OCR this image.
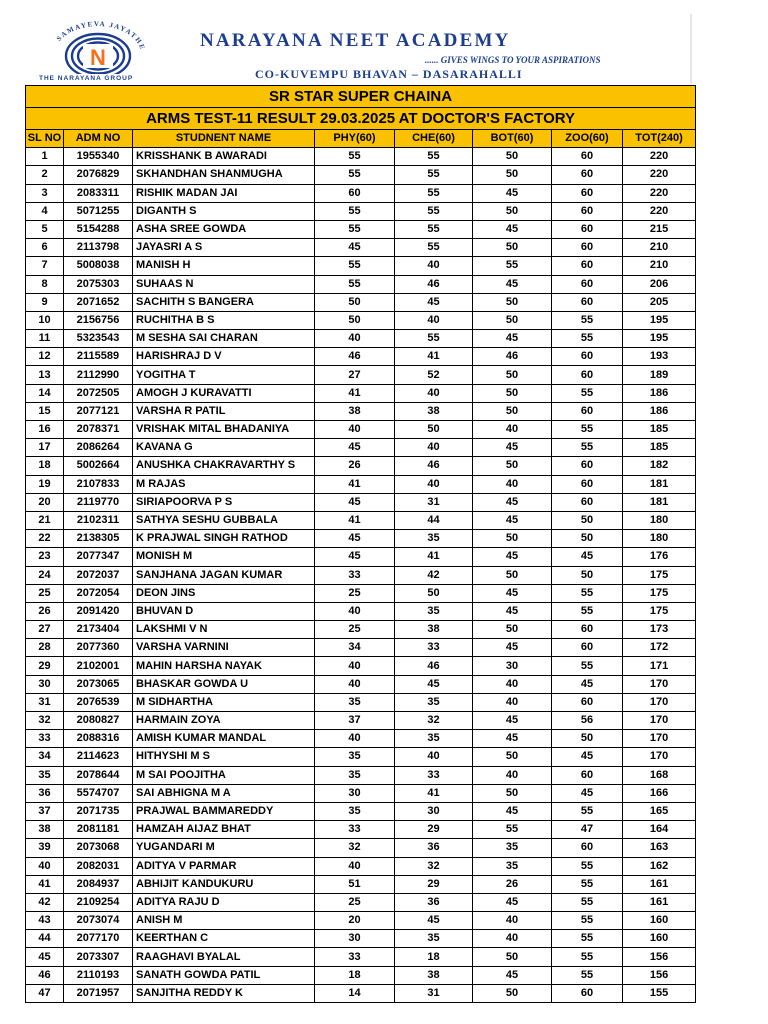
SAMAYEVA JAYATHE
N
THE NARAYANA GROUP
NARAYANA NEET ACADEMY
...... GIVES WINGS TO YOUR ASPIRATIONS
CO-KUVEMPU BHAVAN – DASARAHALLI
SR STAR SUPER CHAINA							
ARMS TEST-11 RESULT 29.03.2025 AT DOCTOR'S FACTORY							
SL NO	ADM NO	STUDNENT NAME	PHY(60)	CHE(60)	BOT(60)	ZOO(60)	TOT(240)
1	1955340	KRISSHANK B AWARADI	55	55	50	60	220
2	2076829	SKHANDHAN SHANMUGHA	55	55	50	60	220
3	2083311	RISHIK MADAN JAI	60	55	45	60	220
4	5071255	DIGANTH S	55	55	50	60	220
5	5154288	ASHA SREE GOWDA	55	55	45	60	215
6	2113798	JAYASRI A S	45	55	50	60	210
7	5008038	MANISH H	55	40	55	60	210
8	2075303	SUHAAS N	55	46	45	60	206
9	2071652	SACHITH S BANGERA	50	45	50	60	205
10	2156756	RUCHITHA B S	50	40	50	55	195
11	5323543	M SESHA SAI CHARAN	40	55	45	55	195
12	2115589	HARISHRAJ D V	46	41	46	60	193
13	2112990	YOGITHA T	27	52	50	60	189
14	2072505	AMOGH J KURAVATTI	41	40	50	55	186
15	2077121	VARSHA R PATIL	38	38	50	60	186
16	2078371	VRISHAK MITAL BHADANIYA	40	50	40	55	185
17	2086264	KAVANA G	45	40	45	55	185
18	5002664	ANUSHKA CHAKRAVARTHY S	26	46	50	60	182
19	2107833	M RAJAS	41	40	40	60	181
20	2119770	SIRIAPOORVA P S	45	31	45	60	181
21	2102311	SATHYA SESHU GUBBALA	41	44	45	50	180
22	2138305	K PRAJWAL SINGH RATHOD	45	35	50	50	180
23	2077347	MONISH M	45	41	45	45	176
24	2072037	SANJHANA JAGAN KUMAR	33	42	50	50	175
25	2072054	DEON JINS	25	50	45	55	175
26	2091420	BHUVAN D	40	35	45	55	175
27	2173404	LAKSHMI V N	25	38	50	60	173
28	2077360	VARSHA VARNINI	34	33	45	60	172
29	2102001	MAHIN HARSHA NAYAK	40	46	30	55	171
30	2073065	BHASKAR GOWDA U	40	45	40	45	170
31	2076539	M SIDHARTHA	35	35	40	60	170
32	2080827	HARMAIN ZOYA	37	32	45	56	170
33	2088316	AMISH KUMAR MANDAL	40	35	45	50	170
34	2114623	HITHYSHI M S	35	40	50	45	170
35	2078644	M SAI POOJITHA	35	33	40	60	168
36	5574707	SAI ABHIGNA M A	30	41	50	45	166
37	2071735	PRAJWAL BAMMAREDDY	35	30	45	55	165
38	2081181	HAMZAH AIJAZ BHAT	33	29	55	47	164
39	2073068	YUGANDARI M	32	36	35	60	163
40	2082031	ADITYA V PARMAR	40	32	35	55	162
41	2084937	ABHIJIT KANDUKURU	51	29	26	55	161
42	2109254	ADITYA RAJU D	25	36	45	55	161
43	2073074	ANISH M	20	45	40	55	160
44	2077170	KEERTHAN C	30	35	40	55	160
45	2073307	RAAGHAVI BYALAL	33	18	50	55	156
46	2110193	SANATH GOWDA PATIL	18	38	45	55	156
47	2071957	SANJITHA REDDY K	14	31	50	60	155
